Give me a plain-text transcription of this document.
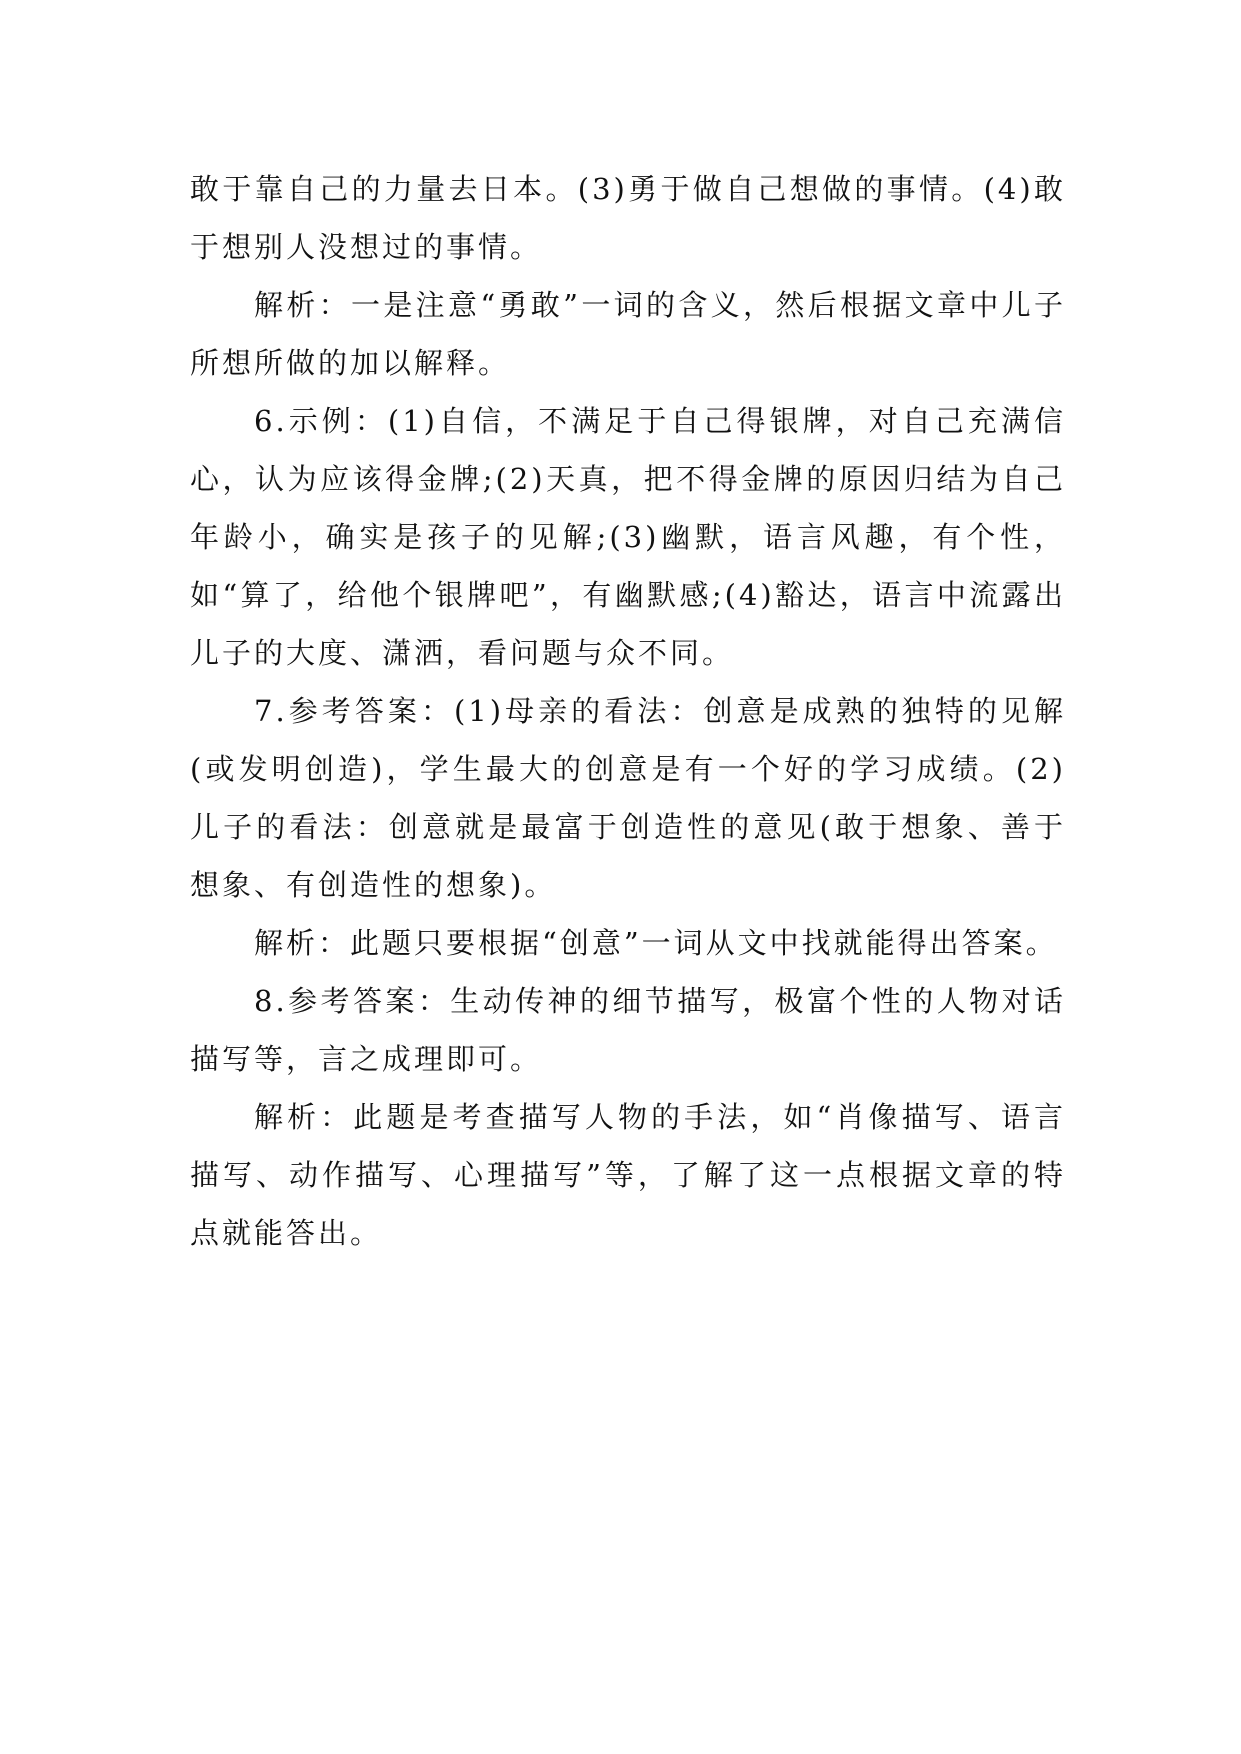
敢于靠自己的力量去日本。(3)勇于做自己想做的事情。(4)敢于想别人没想过的事情。

解析：一是注意“勇敢”一词的含义，然后根据文章中儿子所想所做的加以解释。

6.示例：(1)自信，不满足于自己得银牌，对自己充满信心，认为应该得金牌;(2)天真，把不得金牌的原因归结为自己年龄小，确实是孩子的见解;(3)幽默，语言风趣，有个性，如“算了，给他个银牌吧”，有幽默感;(4)豁达，语言中流露出儿子的大度、潇洒，看问题与众不同。

7.参考答案：(1)母亲的看法：创意是成熟的独特的见解(或发明创造)，学生最大的创意是有一个好的学习成绩。(2)儿子的看法：创意就是最富于创造性的意见(敢于想象、善于想象、有创造性的想象)。

解析：此题只要根据“创意”一词从文中找就能得出答案。

8.参考答案：生动传神的细节描写，极富个性的人物对话描写等，言之成理即可。

解析：此题是考查描写人物的手法，如“肖像描写、语言描写、动作描写、心理描写”等，了解了这一点根据文章的特点就能答出。
